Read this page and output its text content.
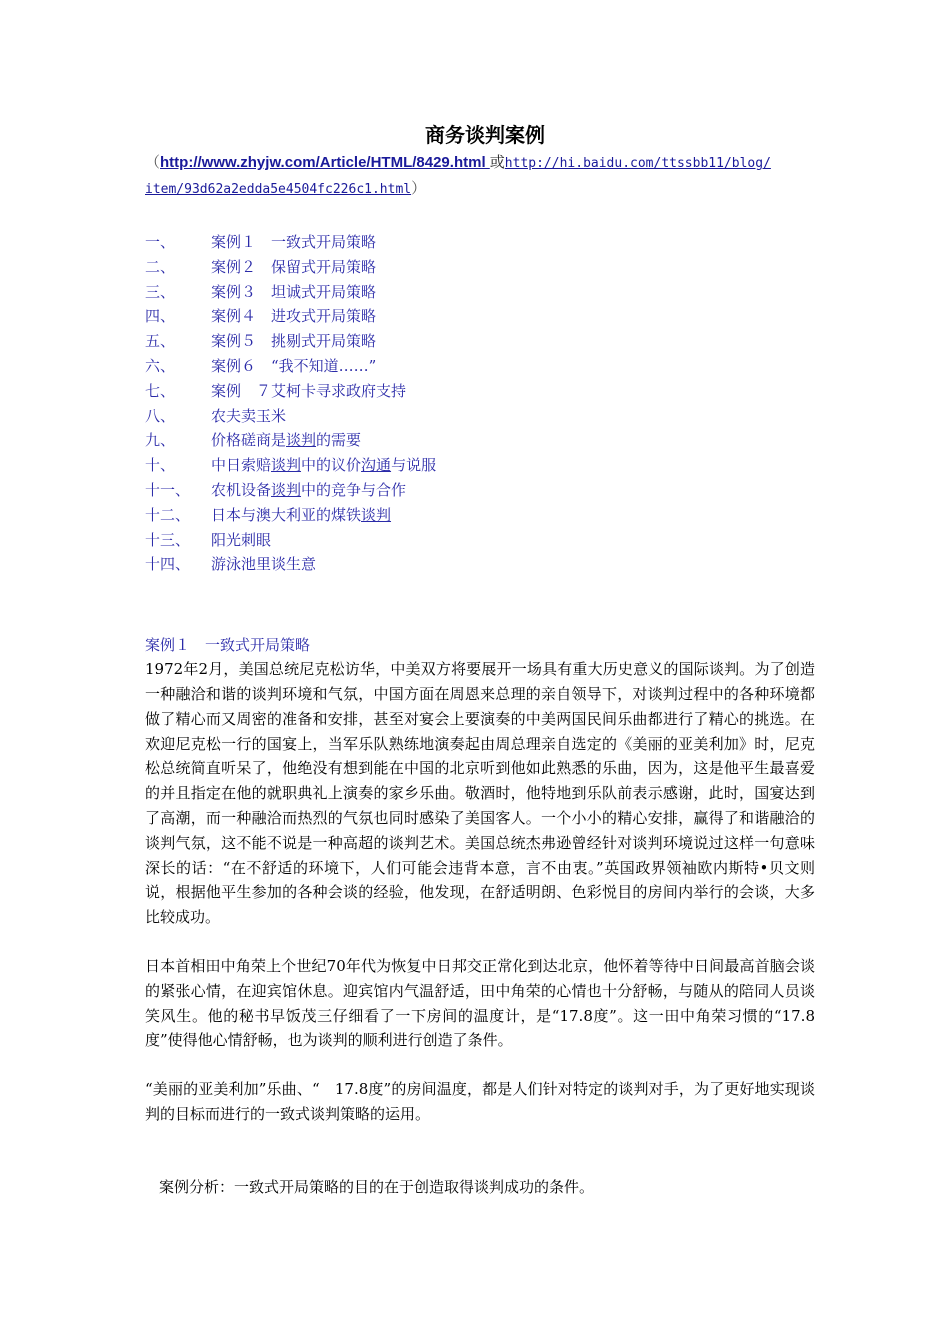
商务谈判案例

（http://www.zhyjw.com/Article/HTML/8429.html 或http://hi.baidu.com/ttssbb11/blog/

item/93d62a2edda5e4504fc226c1.html）

一、	案例１　一致式开局策略
二、	案例２　保留式开局策略
三、	案例３　坦诚式开局策略
四、	案例４　进攻式开局策略
五、	案例５　挑剔式开局策略
六、	案例６　“我不知道……”
七、	案例　７艾柯卡寻求政府支持
八、	农夫卖玉米
九、	价格磋商是谈判的需要
十、	中日索赔谈判中的议价沟通与说服
十一、	农机设备谈判中的竞争与合作
十二、	日本与澳大利亚的煤铁谈判
十三、	阳光刺眼
十四、	游泳池里谈生意

案例１　一致式开局策略

1972年2月，美国总统尼克松访华，中美双方将要展开一场具有重大历史意义的国际谈判。为了创造一种融洽和谐的谈判环境和气氛，中国方面在周恩来总理的亲自领导下，对谈判过程中的各种环境都做了精心而又周密的准备和安排，甚至对宴会上要演奏的中美两国民间乐曲都进行了精心的挑选。在欢迎尼克松一行的国宴上，当军乐队熟练地演奏起由周总理亲自选定的《美丽的亚美利加》时，尼克松总统简直听呆了，他绝没有想到能在中国的北京听到他如此熟悉的乐曲，因为，这是他平生最喜爱的并且指定在他的就职典礼上演奏的家乡乐曲。敬酒时，他特地到乐队前表示感谢，此时，国宴达到了高潮，而一种融洽而热烈的气氛也同时感染了美国客人。一个小小的精心安排，赢得了和谐融洽的谈判气氛，这不能不说是一种高超的谈判艺术。美国总统杰弗逊曾经针对谈判环境说过这样一句意味深长的话：“在不舒适的环境下，人们可能会违背本意，言不由衷。”英国政界领袖欧内斯特•贝文则说，根据他平生参加的各种会谈的经验，他发现，在舒适明朗、色彩悦目的房间内举行的会谈，大多比较成功。

日本首相田中角荣上个世纪70年代为恢复中日邦交正常化到达北京，他怀着等待中日间最高首脑会谈的紧张心情，在迎宾馆休息。迎宾馆内气温舒适，田中角荣的心情也十分舒畅，与随从的陪同人员谈笑风生。他的秘书早饭茂三仔细看了一下房间的温度计，是“17.8度”。这一田中角荣习惯的“17.8度”使得他心情舒畅，也为谈判的顺利进行创造了条件。

“美丽的亚美利加”乐曲、“　17.8度”的房间温度，都是人们针对特定的谈判对手，为了更好地实现谈判的目标而进行的一致式谈判策略的运用。

案例分析：一致式开局策略的目的在于创造取得谈判成功的条件。
